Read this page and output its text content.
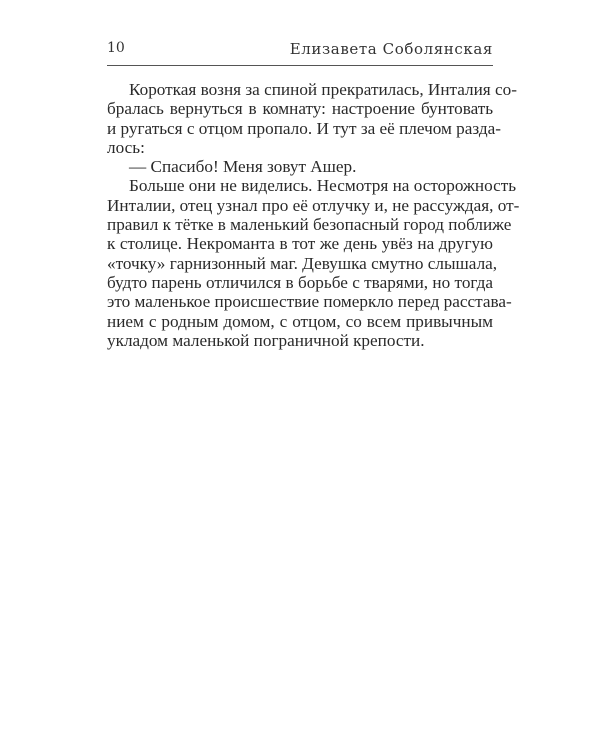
10	Елизавета Соболянская
Короткая возня за спиной прекратилась, Инталия со-
бралась вернуться в комнату: настроение бунтовать
и ругаться с отцом пропало. И тут за её плечом разда-
лось:
— Спасибо! Меня зовут Ашер.
Больше они не виделись. Несмотря на осторожность
Инталии, отец узнал про её отлучку и, не рассуждая, от-
правил к тётке в маленький безопасный город поближе
к столице. Некроманта в тот же день увёз на другую
«точку» гарнизонный маг. Девушка смутно слышала,
будто парень отличился в борьбе с тварями, но тогда
это маленькое происшествие померкло перед расстава-
нием с родным домом, с отцом, со всем привычным
укладом маленькой пограничной крепости.
